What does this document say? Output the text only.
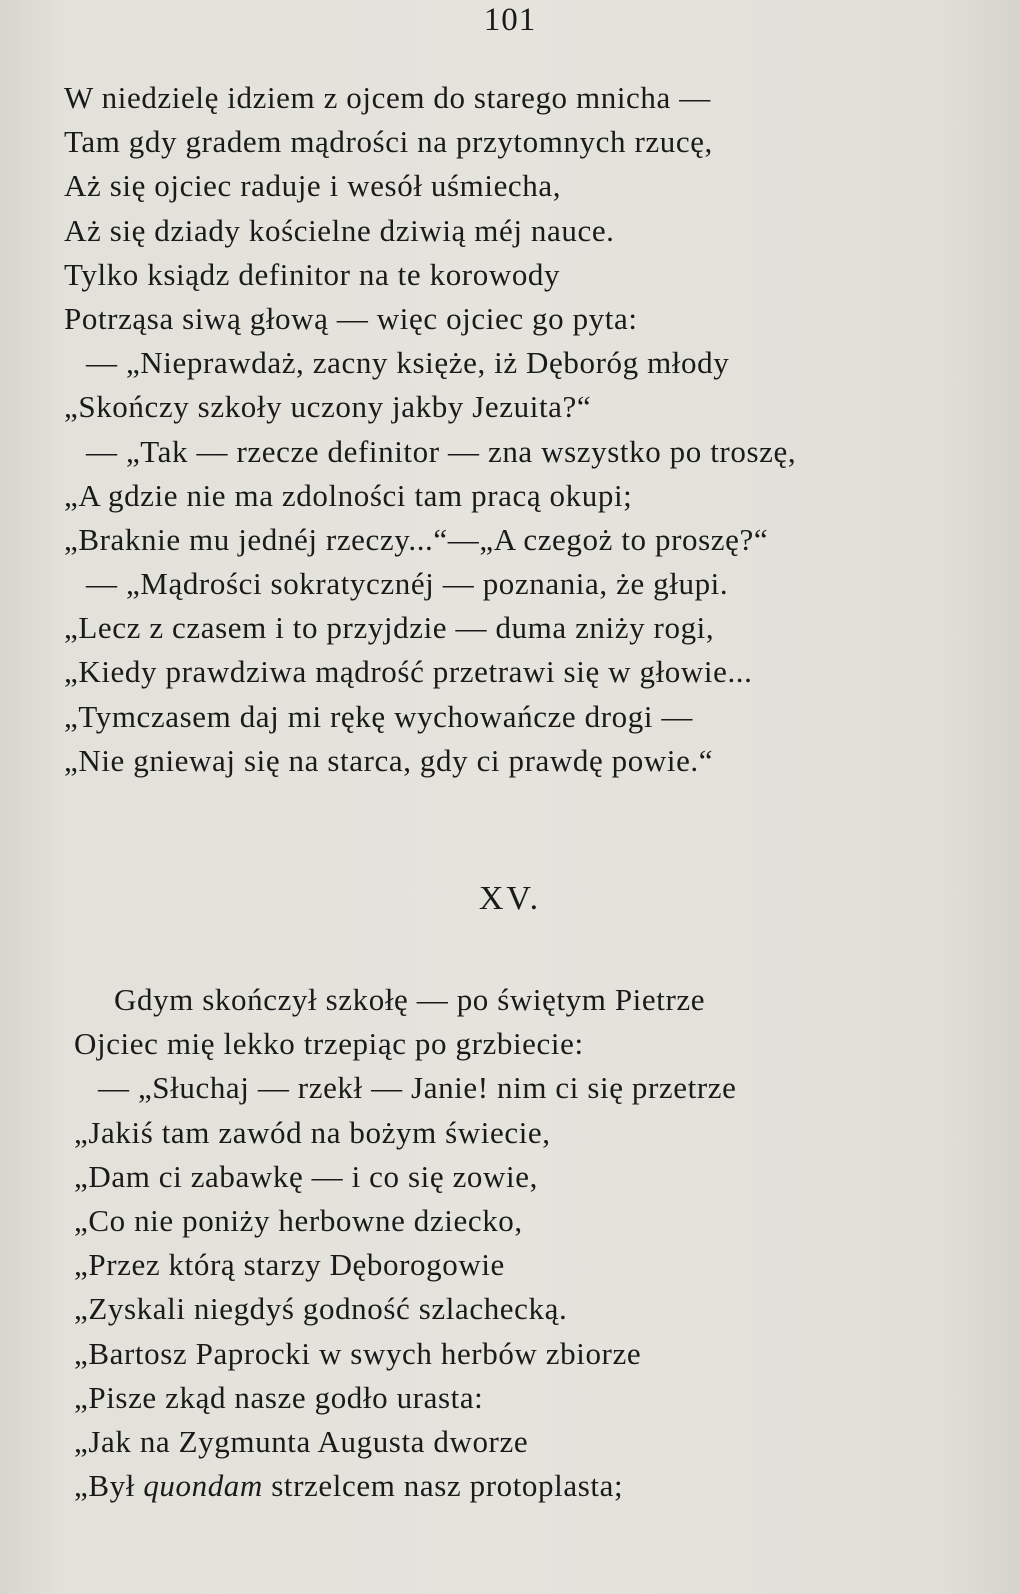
101
W niedzielę idziem z ojcem do starego mnicha —
Tam gdy gradem mądrości na przytomnych rzucę,
Aż się ojciec raduje i wesół uśmiecha,
Aż się dziady kościelne dziwią méj nauce.
Tylko ksiądz definitor na te korowody
Potrząsa siwą głową — więc ojciec go pyta:
— „Nieprawdaż, zacny księże, iż Dęboróg młody
„Skończy szkoły uczony jakby Jezuita?“
— „Tak — rzecze definitor — zna wszystko po troszę,
„A gdzie nie ma zdolności tam pracą okupi;
„Braknie mu jednéj rzeczy...“—„A czegoż to proszę?“
— „Mądrości sokratycznéj — poznania, że głupi.
„Lecz z czasem i to przyjdzie — duma zniży rogi,
„Kiedy prawdziwa mądrość przetrawi się w głowie...
„Tymczasem daj mi rękę wychowańcze drogi —
„Nie gniewaj się na starca, gdy ci prawdę powie.“
XV.
Gdym skończył szkołę — po świętym Pietrze
Ojciec mię lekko trzepiąc po grzbiecie:
— „Słuchaj — rzekł — Janie! nim ci się przetrze
„Jakiś tam zawód na bożym świecie,
„Dam ci zabawkę — i co się zowie,
„Co nie poniży herbowne dziecko,
„Przez którą starzy Dęborogowie
„Zyskali niegdyś godność szlachecką.
„Bartosz Paprocki w swych herbów zbiorze
„Pisze zkąd nasze godło urasta:
„Jak na Zygmunta Augusta dworze
„Był quondam strzelcem nasz protoplasta;
